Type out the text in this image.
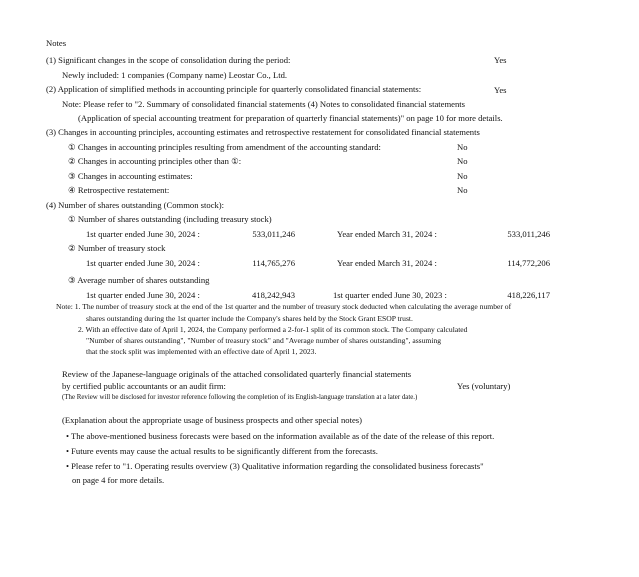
Notes
(1) Significant changes in the scope of consolidation during the period:	Yes
Newly included: 1 companies (Company name) Leostar Co., Ltd.
(2) Application of simplified methods in accounting principle for quarterly consolidated financial statements:	Yes
Note: Please refer to "2. Summary of consolidated financial statements (4) Notes to consolidated financial statements
(Application of special accounting treatment for preparation of quarterly financial statements)" on page 10 for more details.
(3) Changes in accounting principles, accounting estimates and retrospective restatement for consolidated financial statements
① Changes in accounting principles resulting from amendment of the accounting standard:	No
② Changes in accounting principles other than ①:	No
③ Changes in accounting estimates:	No
④ Retrospective restatement:	No
(4) Number of shares outstanding (Common stock):
① Number of shares outstanding (including treasury stock)
1st quarter ended June 30, 2024 :	533,011,246	Year ended March 31, 2024 :	533,011,246
② Number of treasury stock
1st quarter ended June 30, 2024 :	114,765,276	Year ended March 31, 2024 :	114,772,206
③ Average number of shares outstanding
1st quarter ended June 30, 2024 :	418,242,943	1st quarter ended June 30, 2023 :	418,226,117
Note: 1. The number of treasury stock at the end of the 1st quarter and the number of treasury stock deducted when calculating the average number of
shares outstanding during the 1st quarter include the Company's shares held by the Stock Grant ESOP trust.
2. With an effective date of April 1, 2024, the Company performed a 2-for-1 split of its common stock. The Company calculated
"Number of shares outstanding", "Number of treasury stock" and "Average number of shares outstanding", assuming
that the stock split was implemented with an effective date of April 1, 2023.
Review of the Japanese-language originals of the attached consolidated quarterly financial statements
by certified public accountants or an audit firm:	Yes (voluntary)
(The Review will be disclosed for investor reference following the completion of its English-language translation at a later date.)
(Explanation about the appropriate usage of business prospects and other special notes)
• The above-mentioned business forecasts were based on the information available as of the date of the release of this report.
• Future events may cause the actual results to be significantly different from the forecasts.
• Please refer to "1. Operating results overview (3) Qualitative information regarding the consolidated business forecasts"
on page 4 for more details.
